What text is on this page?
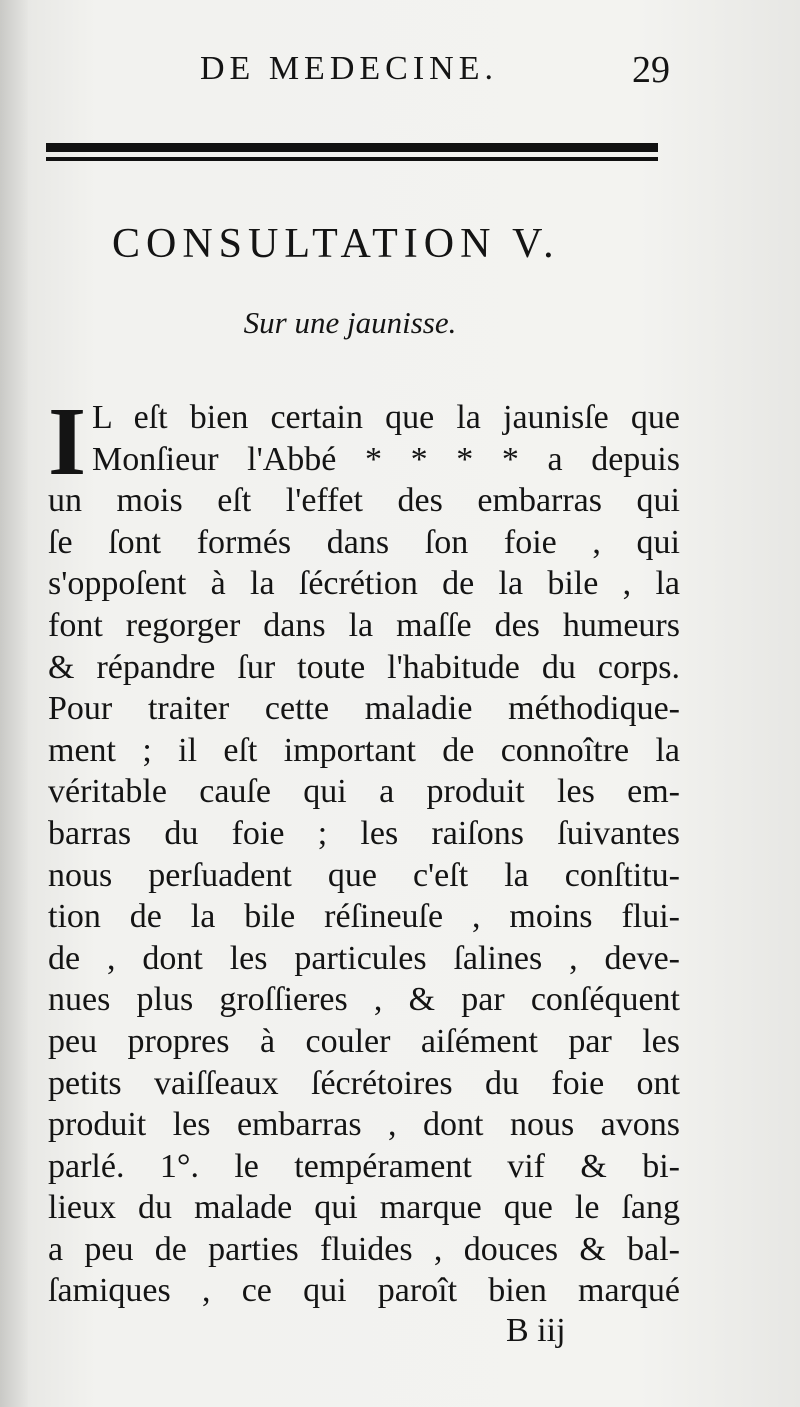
DE MEDECINE.	29
CONSULTATION V.
Sur une jaunisse.
I L eſt bien certain que la jaunisſe que
Monſieur l'Abbé * * * * a depuis
un mois eſt l'effet des embarras qui
ſe ſont formés dans ſon foie , qui
s'oppoſent à la ſécrétion de la bile , la
font regorger dans la maſſe des humeurs
& répandre ſur toute l'habitude du corps.
Pour traiter cette maladie méthodique-
ment ; il eſt important de connoître la
véritable cauſe qui a produit les em-
barras du foie ; les raiſons ſuivantes
nous perſuadent que c'eſt la conſtitu-
tion de la bile réſineuſe , moins flui-
de , dont les particules ſalines , deve-
nues plus groſſieres , & par conſéquent
peu propres à couler aiſément par les
petits vaiſſeaux ſécrétoires du foie ont
produit les embarras , dont nous avons
parlé. 1°. le tempérament vif & bi-
lieux du malade qui marque que le ſang
a peu de parties fluides , douces & bal-
ſamiques , ce qui paroît bien marqué
B iij
